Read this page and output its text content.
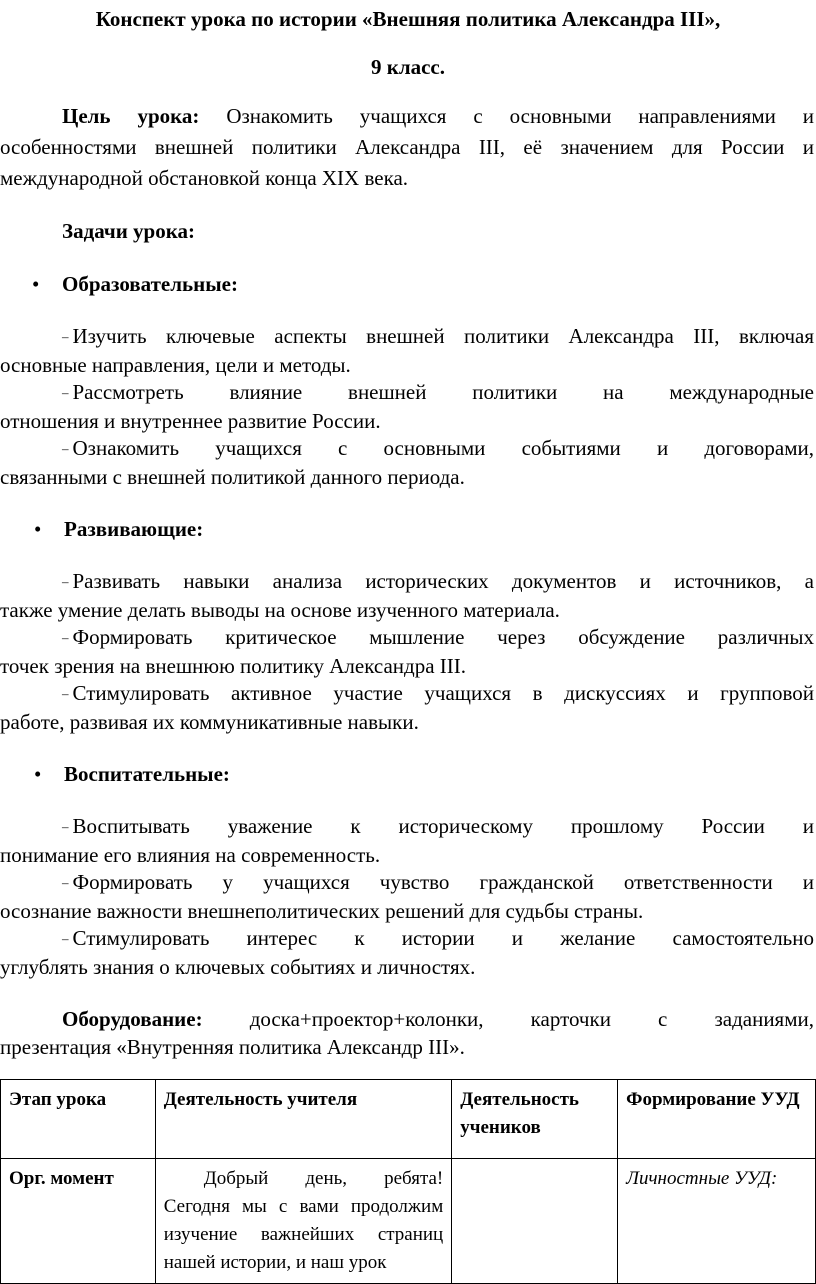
Конспект урока по истории «Внешняя политика Александра III»,
9 класс.
Цель урока: Ознакомить учащихся с основными направлениями и
особенностями внешней политики Александра III, её значением для России и
международной обстановкой конца XIX века.
Задачи урока:
• Образовательные:
– Изучить ключевые аспекты внешней политики Александра III, включая
основные направления, цели и методы.
– Рассмотреть влияние внешней политики на международные
отношения и внутреннее развитие России.
– Ознакомить учащихся с основными событиями и договорами,
связанными с внешней политикой данного периода.
• Развивающие:
– Развивать навыки анализа исторических документов и источников, а
также умение делать выводы на основе изученного материала.
– Формировать критическое мышление через обсуждение различных
точек зрения на внешнюю политику Александра III.
– Стимулировать активное участие учащихся в дискуссиях и групповой
работе, развивая их коммуникативные навыки.
• Воспитательные:
– Воспитывать уважение к историческому прошлому России и
понимание его влияния на современность.
– Формировать у учащихся чувство гражданской ответственности и
осознание важности внешнеполитических решений для судьбы страны.
– Стимулировать интерес к истории и желание самостоятельно
углублять знания о ключевых событиях и личностях.
Оборудование: доска+проектор+колонки, карточки с заданиями,
презентация «Внутренняя политика Александр III».
Этап урока	Деятельность учителя	Деятельность учеников	Формирование УУД
Орг. момент	Добрый день, ребята! Сегодня мы с вами продолжим изучение важнейших страниц нашей истории, и наш урок		Личностные УУД:
